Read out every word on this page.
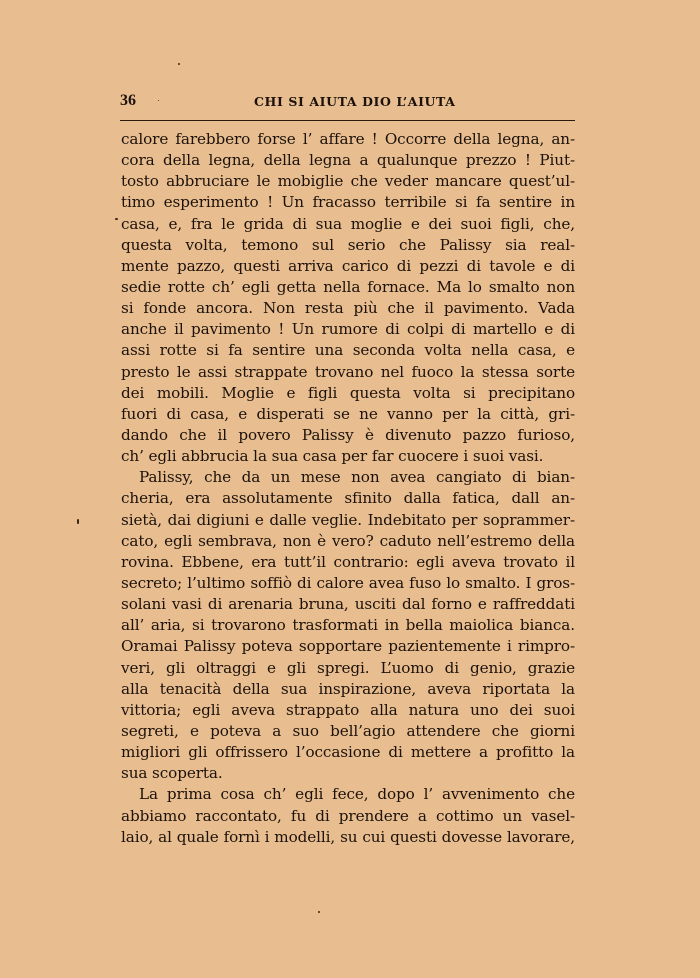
36	CHI SI AIUTA DIO L’AIUTA
calore farebbero forse l’ affare ! Occorre della legna, an-
cora della legna, della legna a qualunque prezzo ! Piut-
tosto abbruciare le mobiglie che veder mancare quest’ul-
timo esperimento ! Un fracasso terribile si fa sentire in
casa, e, fra le grida di sua moglie e dei suoi figli, che,
questa volta, temono sul serio che Palissy sia real-
mente pazzo, questi arriva carico di pezzi di tavole e di
sedie rotte ch’ egli getta nella fornace. Ma lo smalto non
si fonde ancora. Non resta più che il pavimento. Vada
anche il pavimento ! Un rumore di colpi di martello e di
assi rotte si fa sentire una seconda volta nella casa, e
presto le assi strappate trovano nel fuoco la stessa sorte
dei mobili. Moglie e figli questa volta si precipitano
fuori di casa, e disperati se ne vanno per la città, gri-
dando che il povero Palissy è divenuto pazzo furioso,
ch’ egli abbrucia la sua casa per far cuocere i suoi vasi.
Palissy, che da un mese non avea cangiato di bian-
cheria, era assolutamente sfinito dalla fatica, dall an-
sietà, dai digiuni e dalle veglie. Indebitato per soprammer-
cato, egli sembrava, non è vero? caduto nell’estremo della
rovina. Ebbene, era tutt’il contrario: egli aveva trovato il
secreto; l’ultimo soffiò di calore avea fuso lo smalto. I gros-
solani vasi di arenaria bruna, usciti dal forno e raffreddati
all’ aria, si trovarono trasformati in bella maiolica bianca.
Oramai Palissy poteva sopportare pazientemente i rimpro-
veri, gli oltraggi e gli spregi. L’uomo di genio, grazie
alla tenacità della sua inspirazione, aveva riportata la
vittoria; egli aveva strappato alla natura uno dei suoi
segreti, e poteva a suo bell’agio attendere che giorni
migliori gli offrissero l’occasione di mettere a profitto la
sua scoperta.
La prima cosa ch’ egli fece, dopo l’ avvenimento che
abbiamo raccontato, fu di prendere a cottimo un vasel-
laio, al quale fornì i modelli, su cui questi dovesse lavorare,
